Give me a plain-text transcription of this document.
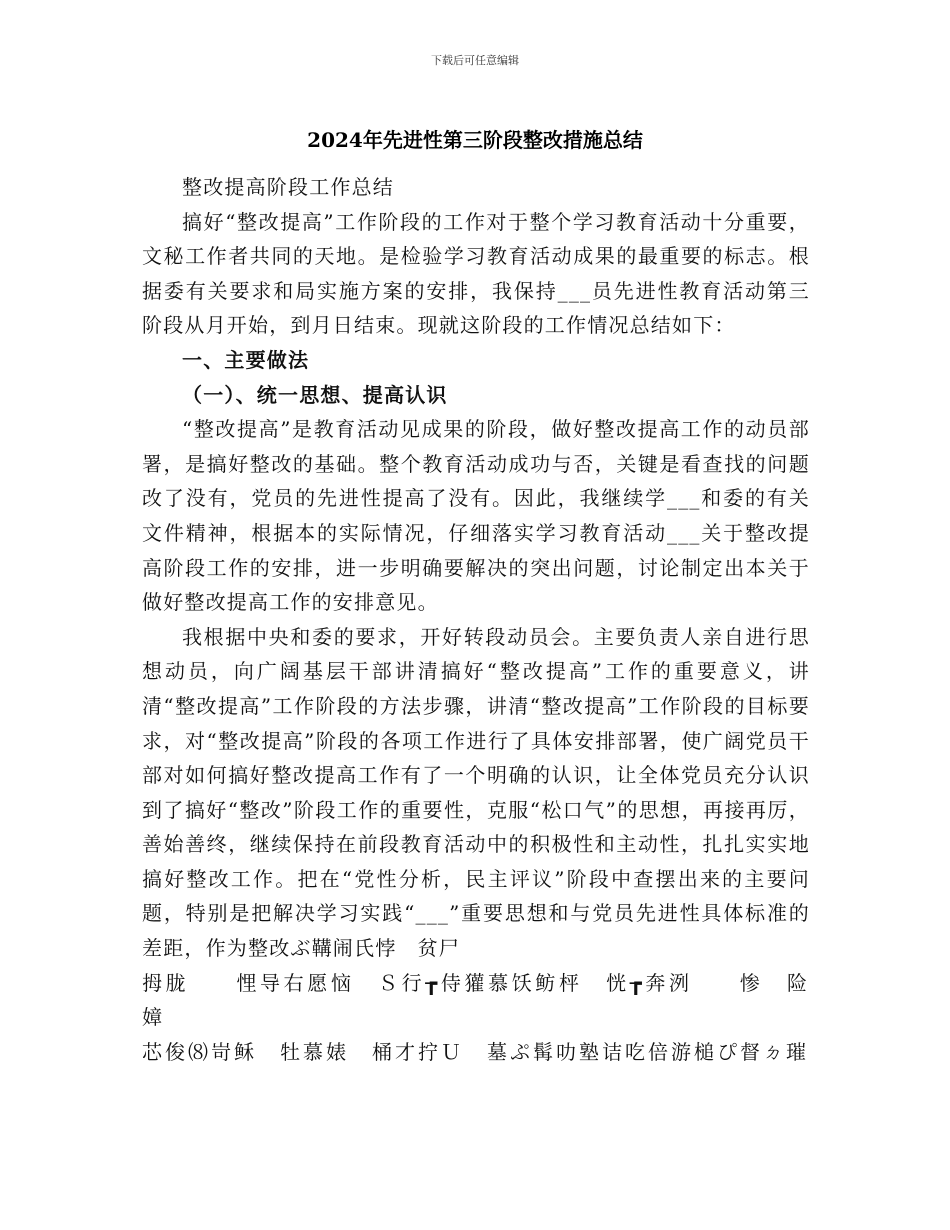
下载后可任意编辑
2024年先进性第三阶段整改措施总结

整改提高阶段工作总结

搞好“整改提高”工作阶段的工作对于整个学习教育活动十分重要，文秘工作者共同的天地。是检验学习教育活动成果的最重要的标志。根据委有关要求和局实施方案的安排，我保持___员先进性教育活动第三阶段从月开始，到月日结束。现就这阶段的工作情况总结如下：

一、主要做法

（一）、统一思想、提高认识

“整改提高”是教育活动见成果的阶段，做好整改提高工作的动员部署，是搞好整改的基础。整个教育活动成功与否，关键是看查找的问题改了没有，党员的先进性提高了没有。因此，我继续学___和委的有关文件精神，根据本的实际情况，仔细落实学习教育活动___关于整改提高阶段工作的安排，进一步明确要解决的突出问题，讨论制定出本关于做好整改提高工作的安排意见。

我根据中央和委的要求，开好转段动员会。主要负责人亲自进行思想动员，向广阔基层干部讲清搞好“整改提高”工作的重要意义，讲清“整改提高”工作阶段的方法步骤，讲清“整改提高”工作阶段的目标要求，对“整改提高”阶段的各项工作进行了具体安排部署，使广阔党员干部对如何搞好整改提高工作有了一个明确的认识，让全体党员充分认识到了搞好“整改”阶段工作的重要性，克服“松口气”的思想，再接再厉，善始善终，继续保持在前段教育活动中的积极性和主动性，扎扎实实地搞好整改工作。把在“党性分析，民主评议”阶段中查摆出来的主要问题，特别是把解决学习实践“___”重要思想和与党员先进性具体标准的差距，作为整改ぶ鞲闹氏悖　贫尸

拇胧　　悝导右愿恼　Ｓ行┲侍獾慕饫鲂枰　恍┲奔洌　　惨　险嫜

芯俊⑻岢稣　牡慕婊　桶才拧Ｕ　墓ぷ髯叻塾诘吃倍游槌ぴ督ㄉ璀
